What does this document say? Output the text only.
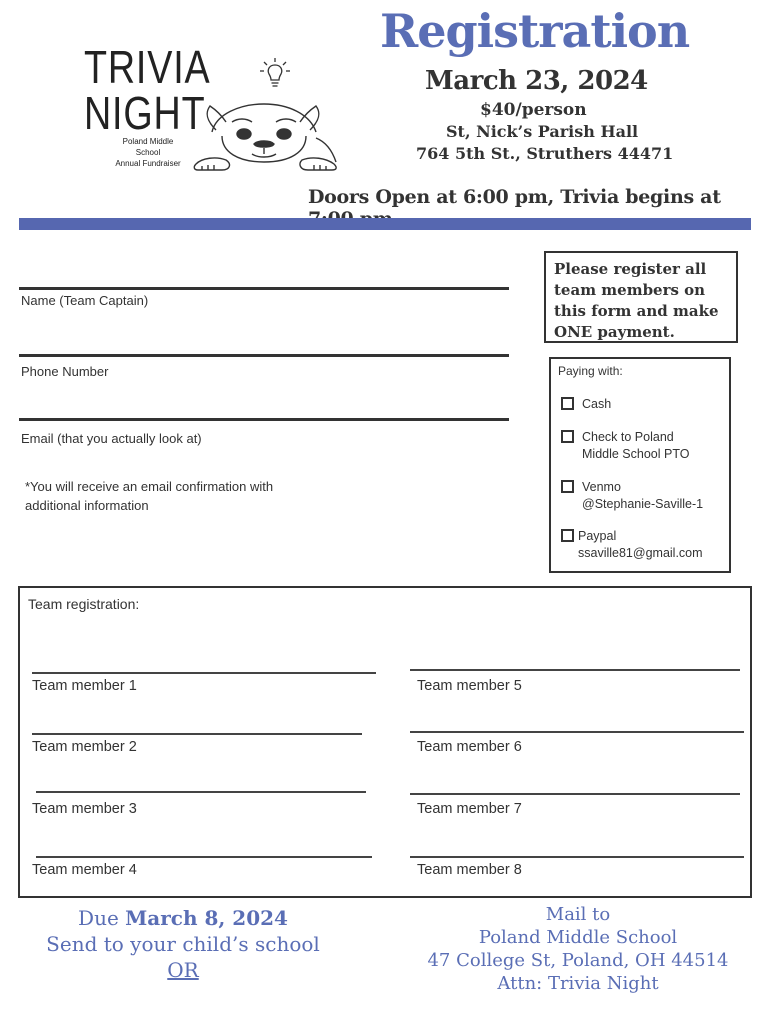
TRIVIA
NIGHT
Poland Middle School
Annual Fundraiser
Registration
March 23, 2024
$40/person
St, Nick’s Parish Hall
764 5th St., Struthers 44471
Doors Open at 6:00 pm, Trivia begins at
Name (Team Captain)
Phone Number
Email (that you actually look at)
*You will receive an email confirmation with additional information
Please register all team members on this form and make ONE payment.
Paying with:
Cash
Check to Poland
Middle School PTO
Venmo
@Stephanie-Saville-1
Paypal
ssaville81@gmail.com
Team registration:
Team member 1
Team member 2
Team member 3
Team member 4
Team member 5
Team member 6
Team member 7
Team member 8
Due March 8, 2024
Send to your child’s school
OR
Mail to
Poland Middle School
47 College St, Poland, OH 44514
Attn: Trivia Night
